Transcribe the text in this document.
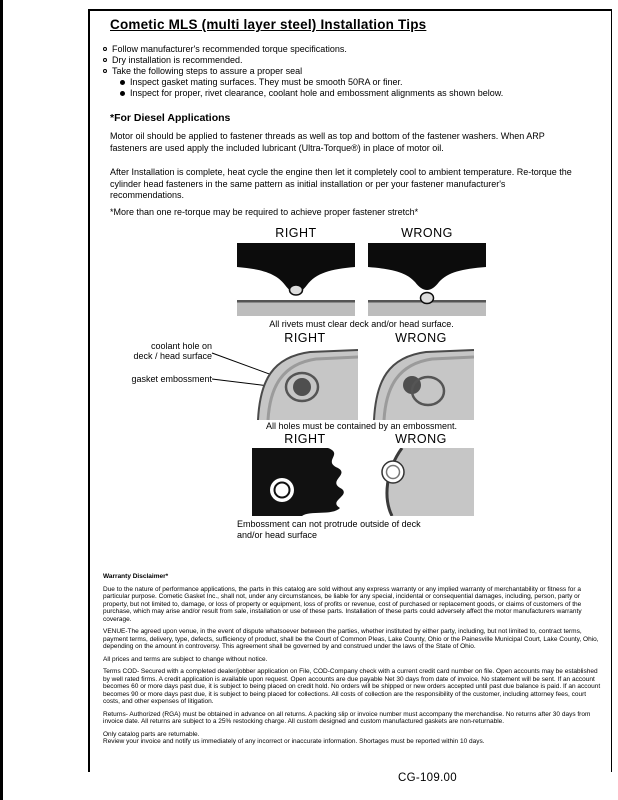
Cometic MLS (multi layer steel) Installation Tips
Follow manufacturer's recommended torque specifications.
Dry installation is recommended.
Take the following steps to assure a proper seal
Inspect gasket mating surfaces. They must be smooth 50RA or finer.
Inspect for proper, rivet clearance, coolant hole and embossment alignments as shown below.
*For Diesel Applications

Motor oil should be applied to fastener threads as well as top and bottom of the fastener washers. When ARP fasteners are used apply the included lubricant (Ultra-Torque®) in place of motor oil.

After Installation is complete, heat cycle the engine then let it completely cool to ambient temperature. Re-torque the cylinder head fasteners in the same pattern as initial installation or per your fastener manufacturer's recommendations.

*More than one re-torque may be required to achieve proper fastener stretch*

RIGHT	WRONG
All rivets must clear deck and/or head surface.
RIGHT	WRONG
coolant hole on
deck / head surface
gasket embossment
All holes must be contained by an embossment.
RIGHT	WRONG
Embossment can not protrude outside of deck
and/or head surface
Warranty Disclaimer*

Due to the nature of performance applications, the parts in this catalog are sold without any express warranty or any implied warranty of merchantability or fitness for a particular purpose. Cometic Gasket Inc., shall not, under any circumstances, be liable for any special, incidental or consequential damages, including, person, party or property, but not limited to, damage, or loss of property or equipment, loss of profits or revenue, cost of purchased or replacement goods, or claims of customers of the purchase, which may arise and/or result from sale, installation or use of these parts. Installation of these parts could adversely affect the motor manufacturers warranty coverage.

VENUE-The agreed upon venue, in the event of dispute whatsoever between the parties, whether instituted by either party, including, but not limited to, contract terms, payment terms, delivery, type, defects, sufficiency of product, shall be the Court of Common Pleas, Lake County, Ohio or the Painesville Municipal Court, Lake County, Ohio, depending on the amount in controversy. This agreement shall be governed by and construed under the laws of the State of Ohio.

All prices and terms are subject to change without notice.

Terms COD- Secured with a completed dealer/jobber application on File, COD-Company check with a current credit card number on file. Open accounts may be established by well rated firms. A credit application is available upon request. Open accounts are due payable Net 30 days from date of invoice. No statement will be sent. If an account becomes 60 or more days past due, it is subject to being placed on credit hold. No orders will be shipped or new orders accepted until past due balance is paid. If an account becomes 90 or more days past due, it is subject to being placed for collections. All costs of collection are the responsibility of the customer, including attorney fees, court costs, and other expenses of litigation.

Returns- Authorized (RGA) must be obtained in advance on all returns. A packing slip or invoice number must accompany the merchandise. No returns after 30 days from invoice date. All returns are subject to a 25% restocking charge. All custom designed and custom manufactured gaskets are non-returnable.

Only catalog parts are returnable.
Review your invoice and notify us immediately of any incorrect or inaccurate information. Shortages must be reported within 10 days.
CG-109.00
